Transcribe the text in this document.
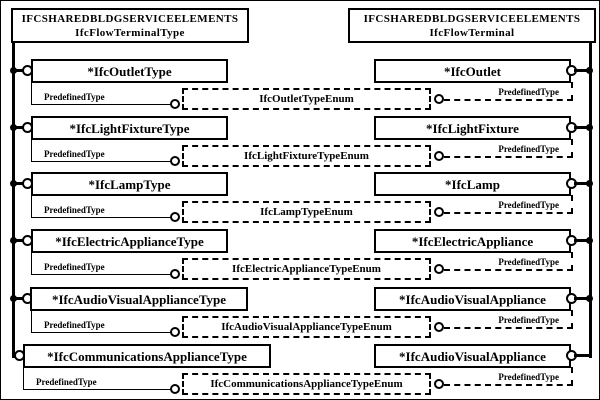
IFCSHAREDBLDGSERVICEELEMENTS
IfcFlowTerminalType
IFCSHAREDBLDGSERVICEELEMENTS
IfcFlowTerminal
*IfcOutletType
PredefinedType	IfcOutletTypeEnum
PredefinedType
*IfcOutlet
*IfcLightFixtureType
PredefinedType	IfcLightFixtureTypeEnum
PredefinedType
*IfcLightFixture
*IfcLampType
PredefinedType	IfcLampTypeEnum
PredefinedType
*IfcLamp
*IfcElectricApplianceType
PredefinedType	IfcElectricApplianceTypeEnum
PredefinedType
*IfcElectricAppliance
*IfcAudioVisualApplianceType
PredefinedType	IfcAudioVisualApplianceTypeEnum
PredefinedType
*IfcAudioVisualAppliance
*IfcCommunicationsApplianceType
PredefinedType	IfcCommunicationsApplianceTypeEnum
PredefinedType
*IfcAudioVisualAppliance
